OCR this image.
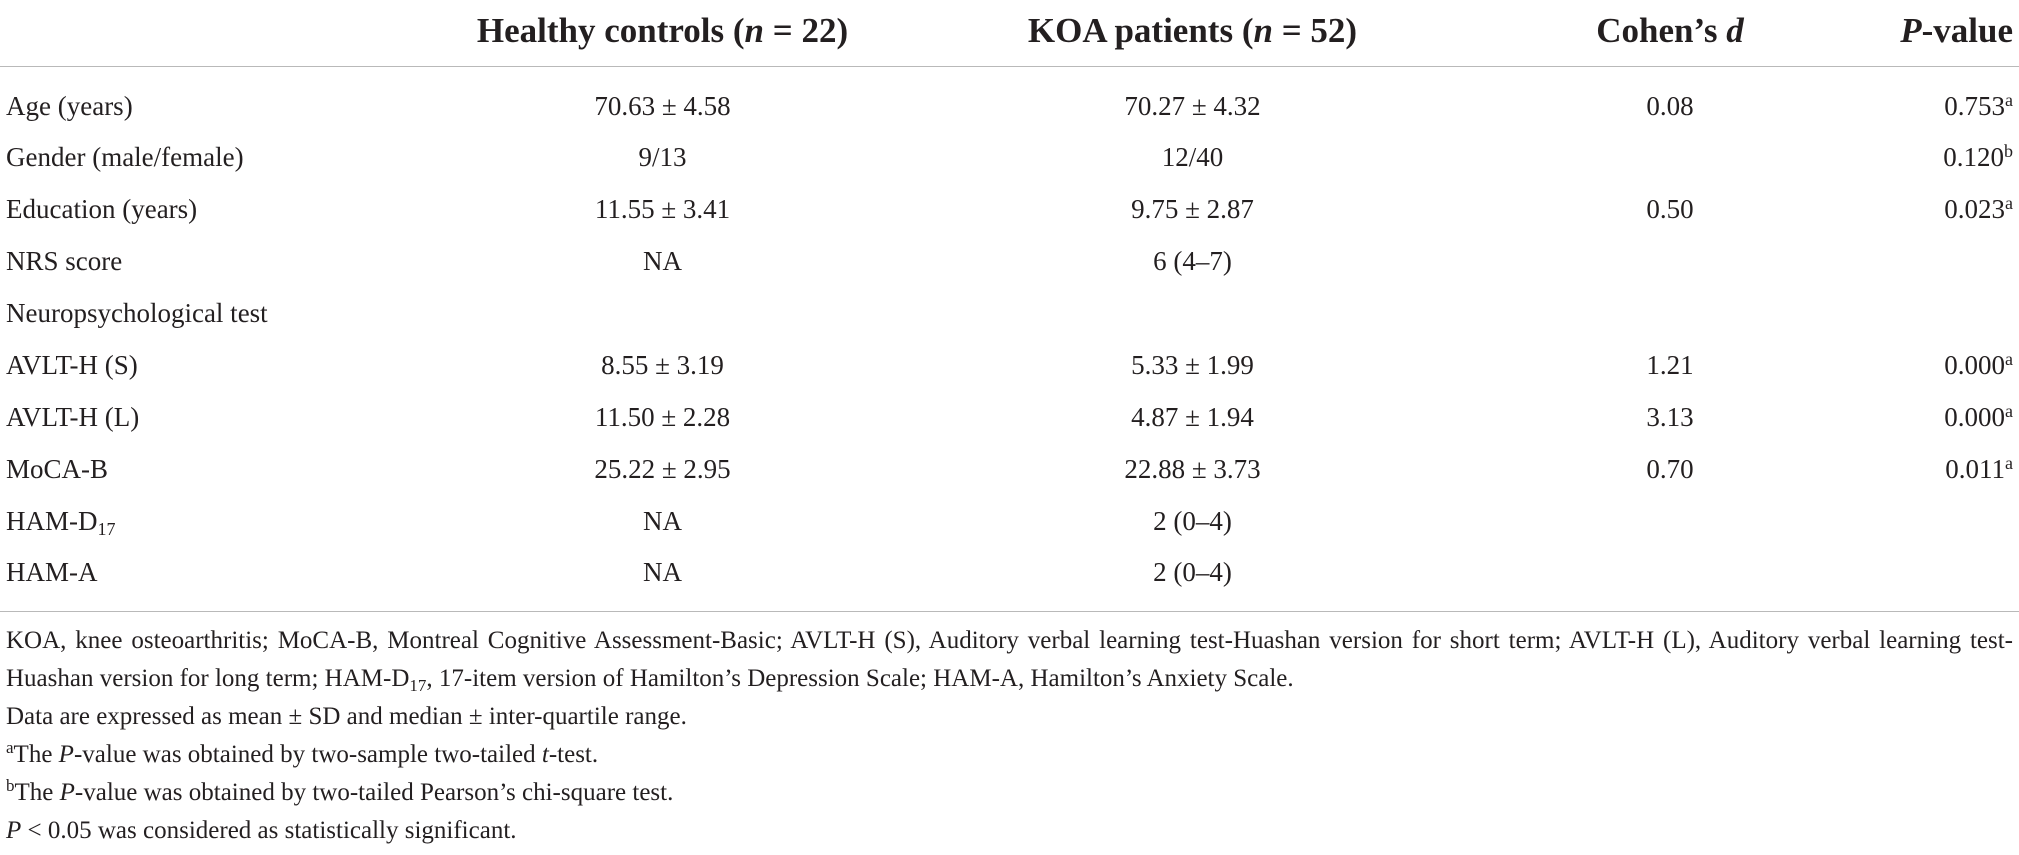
	Healthy controls (n = 22)	KOA patients (n = 52)	Cohen’s d	P-value
Age (years)	70.63 ± 4.58	70.27 ± 4.32	0.08	0.753$^a$
Gender (male/female)	9/13	12/40		0.120$^b$
Education (years)	11.55 ± 3.41	9.75 ± 2.87	0.50	0.023$^a$
NRS score	NA	6 (4–7)		
Neuropsychological test				
AVLT-H (S)	8.55 ± 3.19	5.33 ± 1.99	1.21	0.000$^a$
AVLT-H (L)	11.50 ± 2.28	4.87 ± 1.94	3.13	0.000$^a$
MoCA-B	25.22 ± 2.95	22.88 ± 3.73	0.70	0.011$^a$
HAM-$D_{17}$	NA	2 (0–4)		
HAM-A	NA	2 (0–4)		

KOA, knee osteoarthritis; MoCA-B, Montreal Cognitive Assessment-Basic; AVLT-H (S), Auditory verbal learning test-Huashan version for short term; AVLT-H (L), Auditory verbal learning test-Huashan version for long term; HAM-$D_{17}$, 17-item version of Hamilton’s Depression Scale; HAM-A, Hamilton’s Anxiety Scale.

Data are expressed as mean ± SD and median ± inter-quartile range.

$^a$The P-value was obtained by two-sample two-tailed t-test.

$^b$The P-value was obtained by two-tailed Pearson’s chi-square test.

P < 0.05 was considered as statistically significant.
